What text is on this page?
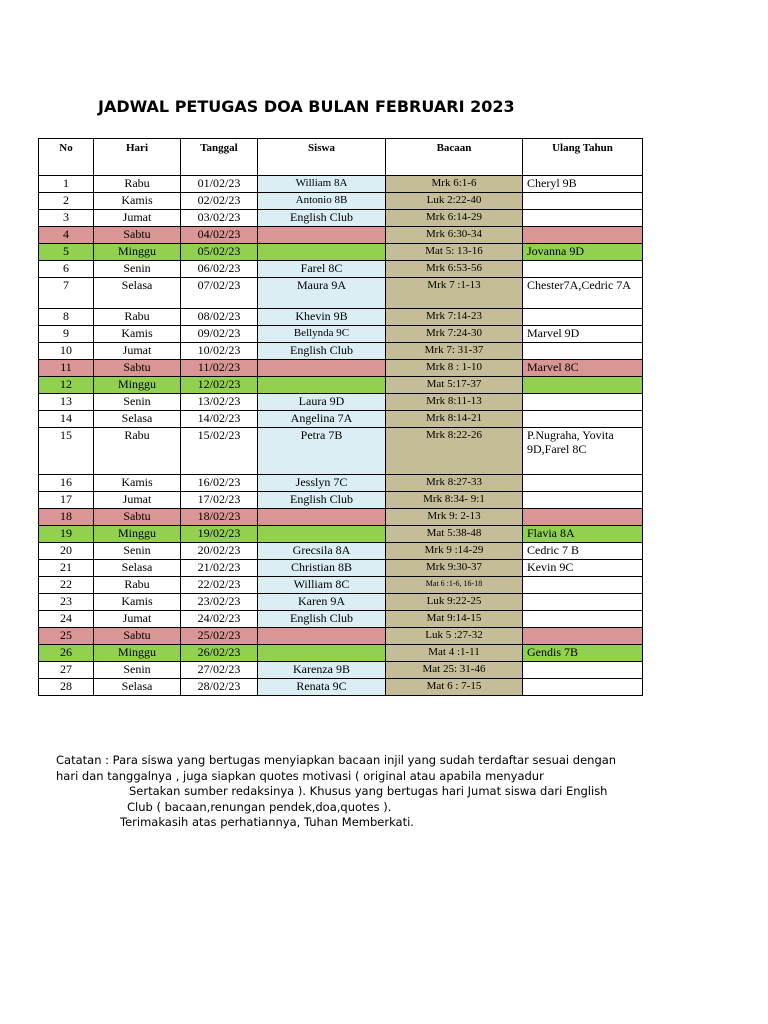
JADWAL PETUGAS DOA BULAN FEBRUARI 2023
No	Hari	Tanggal	Siswa	Bacaan	Ulang Tahun
1	Rabu	01/02/23	William 8A	Mrk 6:1-6	Cheryl 9B
2	Kamis	02/02/23	Antonio 8B	Luk 2:22-40	
3	Jumat	03/02/23	English Club	Mrk 6:14-29	
4	Sabtu	04/02/23		Mrk 6:30-34	
5	Minggu	05/02/23		Mat 5: 13-16	Jovanna 9D
6	Senin	06/02/23	Farel 8C	Mrk 6:53-56	
7	Selasa	07/02/23	Maura 9A	Mrk 7 :1-13	Chester7A,Cedric 7A
8	Rabu	08/02/23	Khevin 9B	Mrk 7:14-23	
9	Kamis	09/02/23	Bellynda 9C	Mrk 7:24-30	Marvel 9D
10	Jumat	10/02/23	English Club	Mrk 7: 31-37	
11	Sabtu	11/02/23		Mrk 8 : 1-10	Marvel 8C
12	Minggu	12/02/23		Mat 5:17-37	
13	Senin	13/02/23	Laura 9D	Mrk 8:11-13	
14	Selasa	14/02/23	Angelina 7A	Mrk 8:14-21	
15	Rabu	15/02/23	Petra 7B	Mrk 8:22-26	P.Nugraha, Yovita 9D,Farel 8C
16	Kamis	16/02/23	Jesslyn 7C	Mrk 8:27-33	
17	Jumat	17/02/23	English Club	Mrk 8:34- 9:1	
18	Sabtu	18/02/23		Mrk 9: 2-13	
19	Minggu	19/02/23		Mat 5:38-48	Flavia 8A
20	Senin	20/02/23	Grecsila 8A	Mrk 9 :14-29	Cedric 7 B
21	Selasa	21/02/23	Christian 8B	Mrk 9:30-37	Kevin 9C
22	Rabu	22/02/23	William 8C	Mat 6 :1-6, 16-18	
23	Kamis	23/02/23	Karen 9A	Luk 9:22-25	
24	Jumat	24/02/23	English Club	Mat 9:14-15	
25	Sabtu	25/02/23		Luk 5 :27-32	
26	Minggu	26/02/23		Mat 4 :1-11	Gendis 7B
27	Senin	27/02/23	Karenza 9B	Mat 25: 31-46	
28	Selasa	28/02/23	Renata 9C	Mat 6 : 7-15	

Catatan : Para siswa yang bertugas menyiapkan bacaan injil yang sudah terdaftar sesuai dengan

hari dan tanggalnya , juga siapkan quotes motivasi ( original atau apabila menyadur

Sertakan sumber redaksinya ). Khusus yang bertugas hari Jumat siswa dari English

Club ( bacaan,renungan pendek,doa,quotes ).

Terimakasih atas perhatiannya, Tuhan Memberkati.
